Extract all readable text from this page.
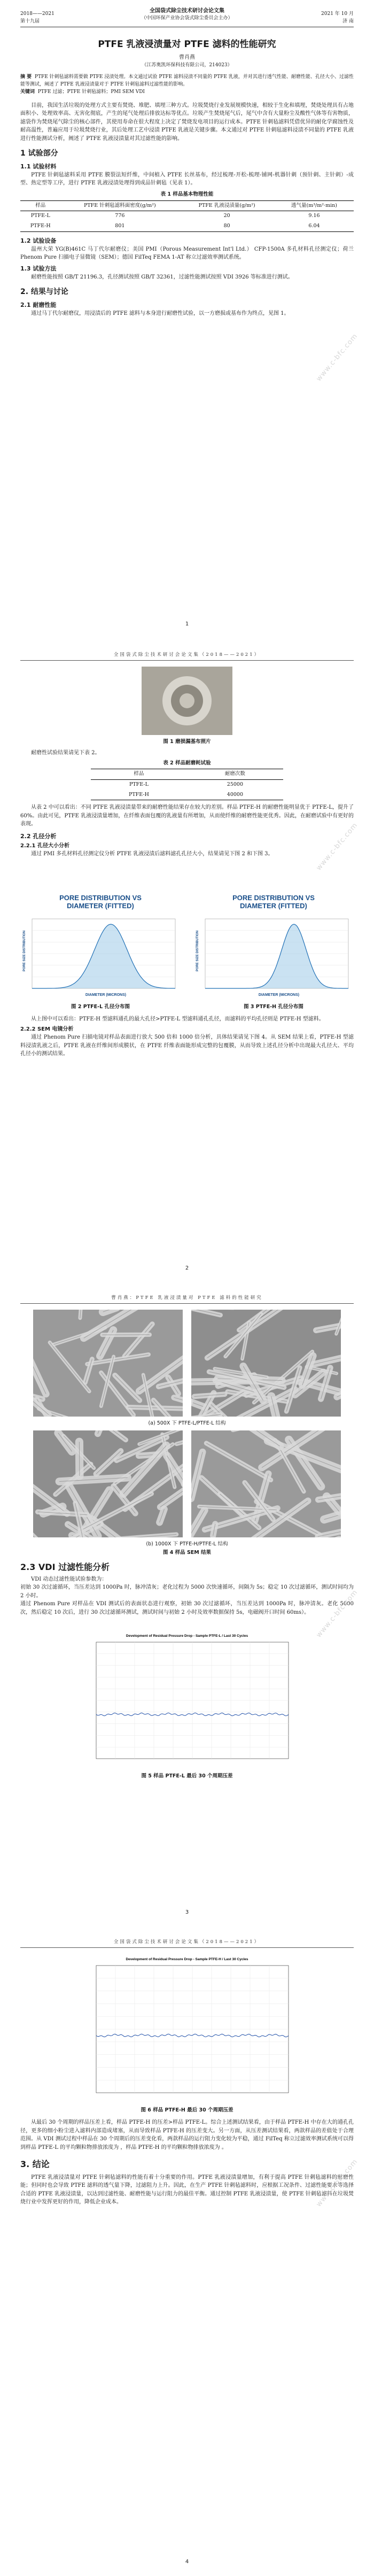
2018——2021
第十九届
全国袋式除尘技术研讨会论文集
（中国环保产业协会袋式除尘委员会主办）
2021 年 10 月
济 南
PTFE 乳液浸渍量对 PTFE 滤料的性能研究
曹肖燕
（江苏奥凯环保科技有限公司，214023）

摘 要 PTFE 针刺毡滤料需要做 PTFE 浸渍处理。本文通过试验 PTFE 滤料浸渍不同量的 PTFE 乳液，并对其进行透气性能、耐磨性能、孔径大小、过滤性能等测试，阐述了 PTFE 乳液浸渍量对于 PTFE 针刺毡滤料过滤性能的影响。

关键词 PTFE 过滤；PTFE 针刺毡滤料；PMI SEM VDI

目前，我国生活垃圾的处理方式主要有焚烧、堆肥、填埋三种方式。垃圾焚烧行业发展规模快速，相较于生化和填埋，焚烧处理具有占地面积小、处理效率高、无害化彻底，产生的尾气处理后排放达标等优点。垃圾产生焚烧尾气后，尾气中含有大量粉尘及酸性气体等有害物质，滤袋作为焚烧尾气除尘的核心部件，其使用寿命在很大程度上决定了焚烧发电项目的运行成本。PTFE 针刺毡滤料凭借优异的耐化学腐蚀性及耐高温性，普遍应用于垃圾焚烧行业，其后处理工艺中浸渍 PTFE 乳液是关键步骤。本文通过对 PTFE 针刺毡滤料浸渍不同量的 PTFE 乳液进行性能测试分析，阐述了 PTFE 乳液浸渍量对其过滤性能的影响。

1 试验部分
1.1 试验材料

PTFE 针刺毡滤料采用 PTFE 膜裂法短纤维，中间植入 PTFE 长丝基布，经过梳理-开松-梳理-铺网-机器针刺（预针刺、主针刺）-成型、热定型等工序，进行 PTFE 乳液浸渍处理得到成品针刺毡（见表 1）。

表 1 样品基本物理性能
样品	PTFE 针刺毡滤料面密度(g/m²)	PTFE 乳液浸渍量(g/m²)	透气量(m³/m²·min)
PTFE-L	776	20	9.16
PTFE-H	801	80	6.04
1.2 试验设备

温州大荣 YG(B)461C 马丁代尔耐磨仪；美国 PMI（Porous Measurement Int'l Ltd.） CFP-1500A 多孔材料孔径测定仪；荷兰 Phenom Pure 扫描电子显微镜（SEM）；德国 FilTeq FEMA 1-AT 称立过滤效率测试系统。

1.3 试验方法

耐磨性能按照 GB/T 21196.3，孔径测试按照 GB/T 32361，过滤性能测试按照 VDI 3926 等标准进行测试。

2. 结果与讨论
2.1 耐磨性能

通过马丁代尔耐磨仪，用浸渍后的 PTFE 滤料与本身进行耐磨性试验，以一方磨损或基布作为终点，见图 1。

www.c-bfc.com
1
全国袋式除尘技术研讨会论文集（2018——2021）
图 1 磨损漏基布照片

耐磨性试验结果请见下表 2。

表 2 样品耐磨耗试验
样品	耐磨次数
PTFE-L	25000
PTFE-H	40000

从表 2 中可以看出：不同 PTFE 乳液浸渍量带来的耐磨性能结果存在较大的差别。样品 PTFE-H 的耐磨性能明显优于 PTFE-L，提升了 60%。由此可见，PTFE 乳液浸渍量增加，在纤维表面包覆的乳液量有所增加，从而使纤维的耐磨性能更优秀。因此，在耐磨试验中有更好的表现。

2.2 孔径分析
2.2.1 孔径大小分析

通过 PMI 多孔材料孔径测定仪分析 PTFE 乳液浸渍后滤料滤孔孔径大小，结果请见下图 2 和下图 3。

PORE DISTRIBUTION VS
DIAMETER (FITTED)
PORE SIZE DISTRIBUTION
DIAMETER (MICRONS)
PORE DISTRIBUTION VS
DIAMETER (FITTED)
PORE SIZE DISTRIBUTION
DIAMETER (MICRONS)
图 2 PTFE-L 孔径分布图	图 3 PTFE-H 孔径分布图

从上图中可以看出：PTFE-H 型滤料通孔的最大孔径>PTFE-L 型滤料通孔孔径，而滤料的平均孔径则是 PTFE-H 型滤料。

2.2.2 SEM 电镜分析

通过 Phenom Pure 扫描电镜对样品表面进行放大 500 倍和 1000 倍分析，具体结果请见下图 4。从 SEM 结果上看，PTFE-H 型滤料浸渍乳液之后，PTFE 乳液在纤维间形成膜状，在 PTFE 纤维表面能形成完整的包覆膜，从而导致上述孔径分析中出现最大孔径大、平均孔径小的测试结果。

www.c-bfc.com
2
曹肖燕：PTFE 乳液浸渍量对 PTFE 滤料的性能研究
(a) 500X 下 PTFE-L/PTFE-L 结构
(b) 1000X 下 PTFE-H/PTFE-L 结构
图 4 样品 SEM 结果
2.3 VDI 过滤性能分析

VDI 动态过滤性能试验参数为：
初始 30 次过滤循环，当压差达到 1000Pa 时，脉冲清灰；老化过程为 5000 次快速循环，间隔为 5s；稳定 10 次过滤循环，测试时间均为 2 小时。
通过 Phenom Pure 对样品在 VDI 测试后的表面状态进行观察，初始 30 次过滤循环，当压差达到 1000Pa 时，脉冲清灰。老化 5000 次，然后稳定 10 次后，进行 30 次过滤循环测试，测试时间与初始 2 小时及效率数据保持 5s，电磁阀开口时间 60ms）。

Development of Residual Pressure Drop - Sample PTFE-L / Last 30 Cycles
图 5 样品 PTFE-L 最后 30 个周期压差
www.c-bfc.com
3
全国袋式除尘技术研讨会论文集（2018——2021）
Development of Residual Pressure Drop - Sample PTFE-H / Last 30 Cycles
图 6 样品 PTFE-H 最后 30 个周期压差

从最后 30 个周期的样品压差上看，样品 PTFE-H 的压差>样品 PTFE-L。综合上述测试结果看，由于样品 PTFE-H 中存在大的通孔孔径，更多的细小粉尘进入滤料内部造成堵塞，从而导致样品 PTFE-H 的压差变大。另一方面，从压差测试结果看，两款样品的差值处于合理范围。从 VDI 测试过程中样品在 30 个周期后的压差变化看，两款样品的运行阻力变化较为平稳，通过 FilTeq 称立过滤效率测试系统可以得到样品 PTFE-L 的平均颗粒物排放浓度为 ，样品 PTFE-H 的平均颗粒物排放浓度为 。

3. 结论

PTFE 乳液浸渍量对 PTFE 针刺毡滤料的性能有着十分重要的作用。PTFE 乳液浸渍量增加，有利于提高 PTFE 针刺毡滤料的耐磨性能；但同时也会导致 PTFE 滤料的透气量下降，过滤阻力上升。因此，在生产 PTFE 针刺毡滤料时，应根据工况条件、过滤性能要求等选择合适的 PTFE 乳液浸渍量，以达到过滤性能、耐磨性能与运行阻力的最佳平衡。通过控制 PTFE 乳液浸渍量，使 PTFE 针刺毡滤料在垃圾焚烧行业中发挥更好的作用，降低企业成本。	www.c-bfc.com
4
